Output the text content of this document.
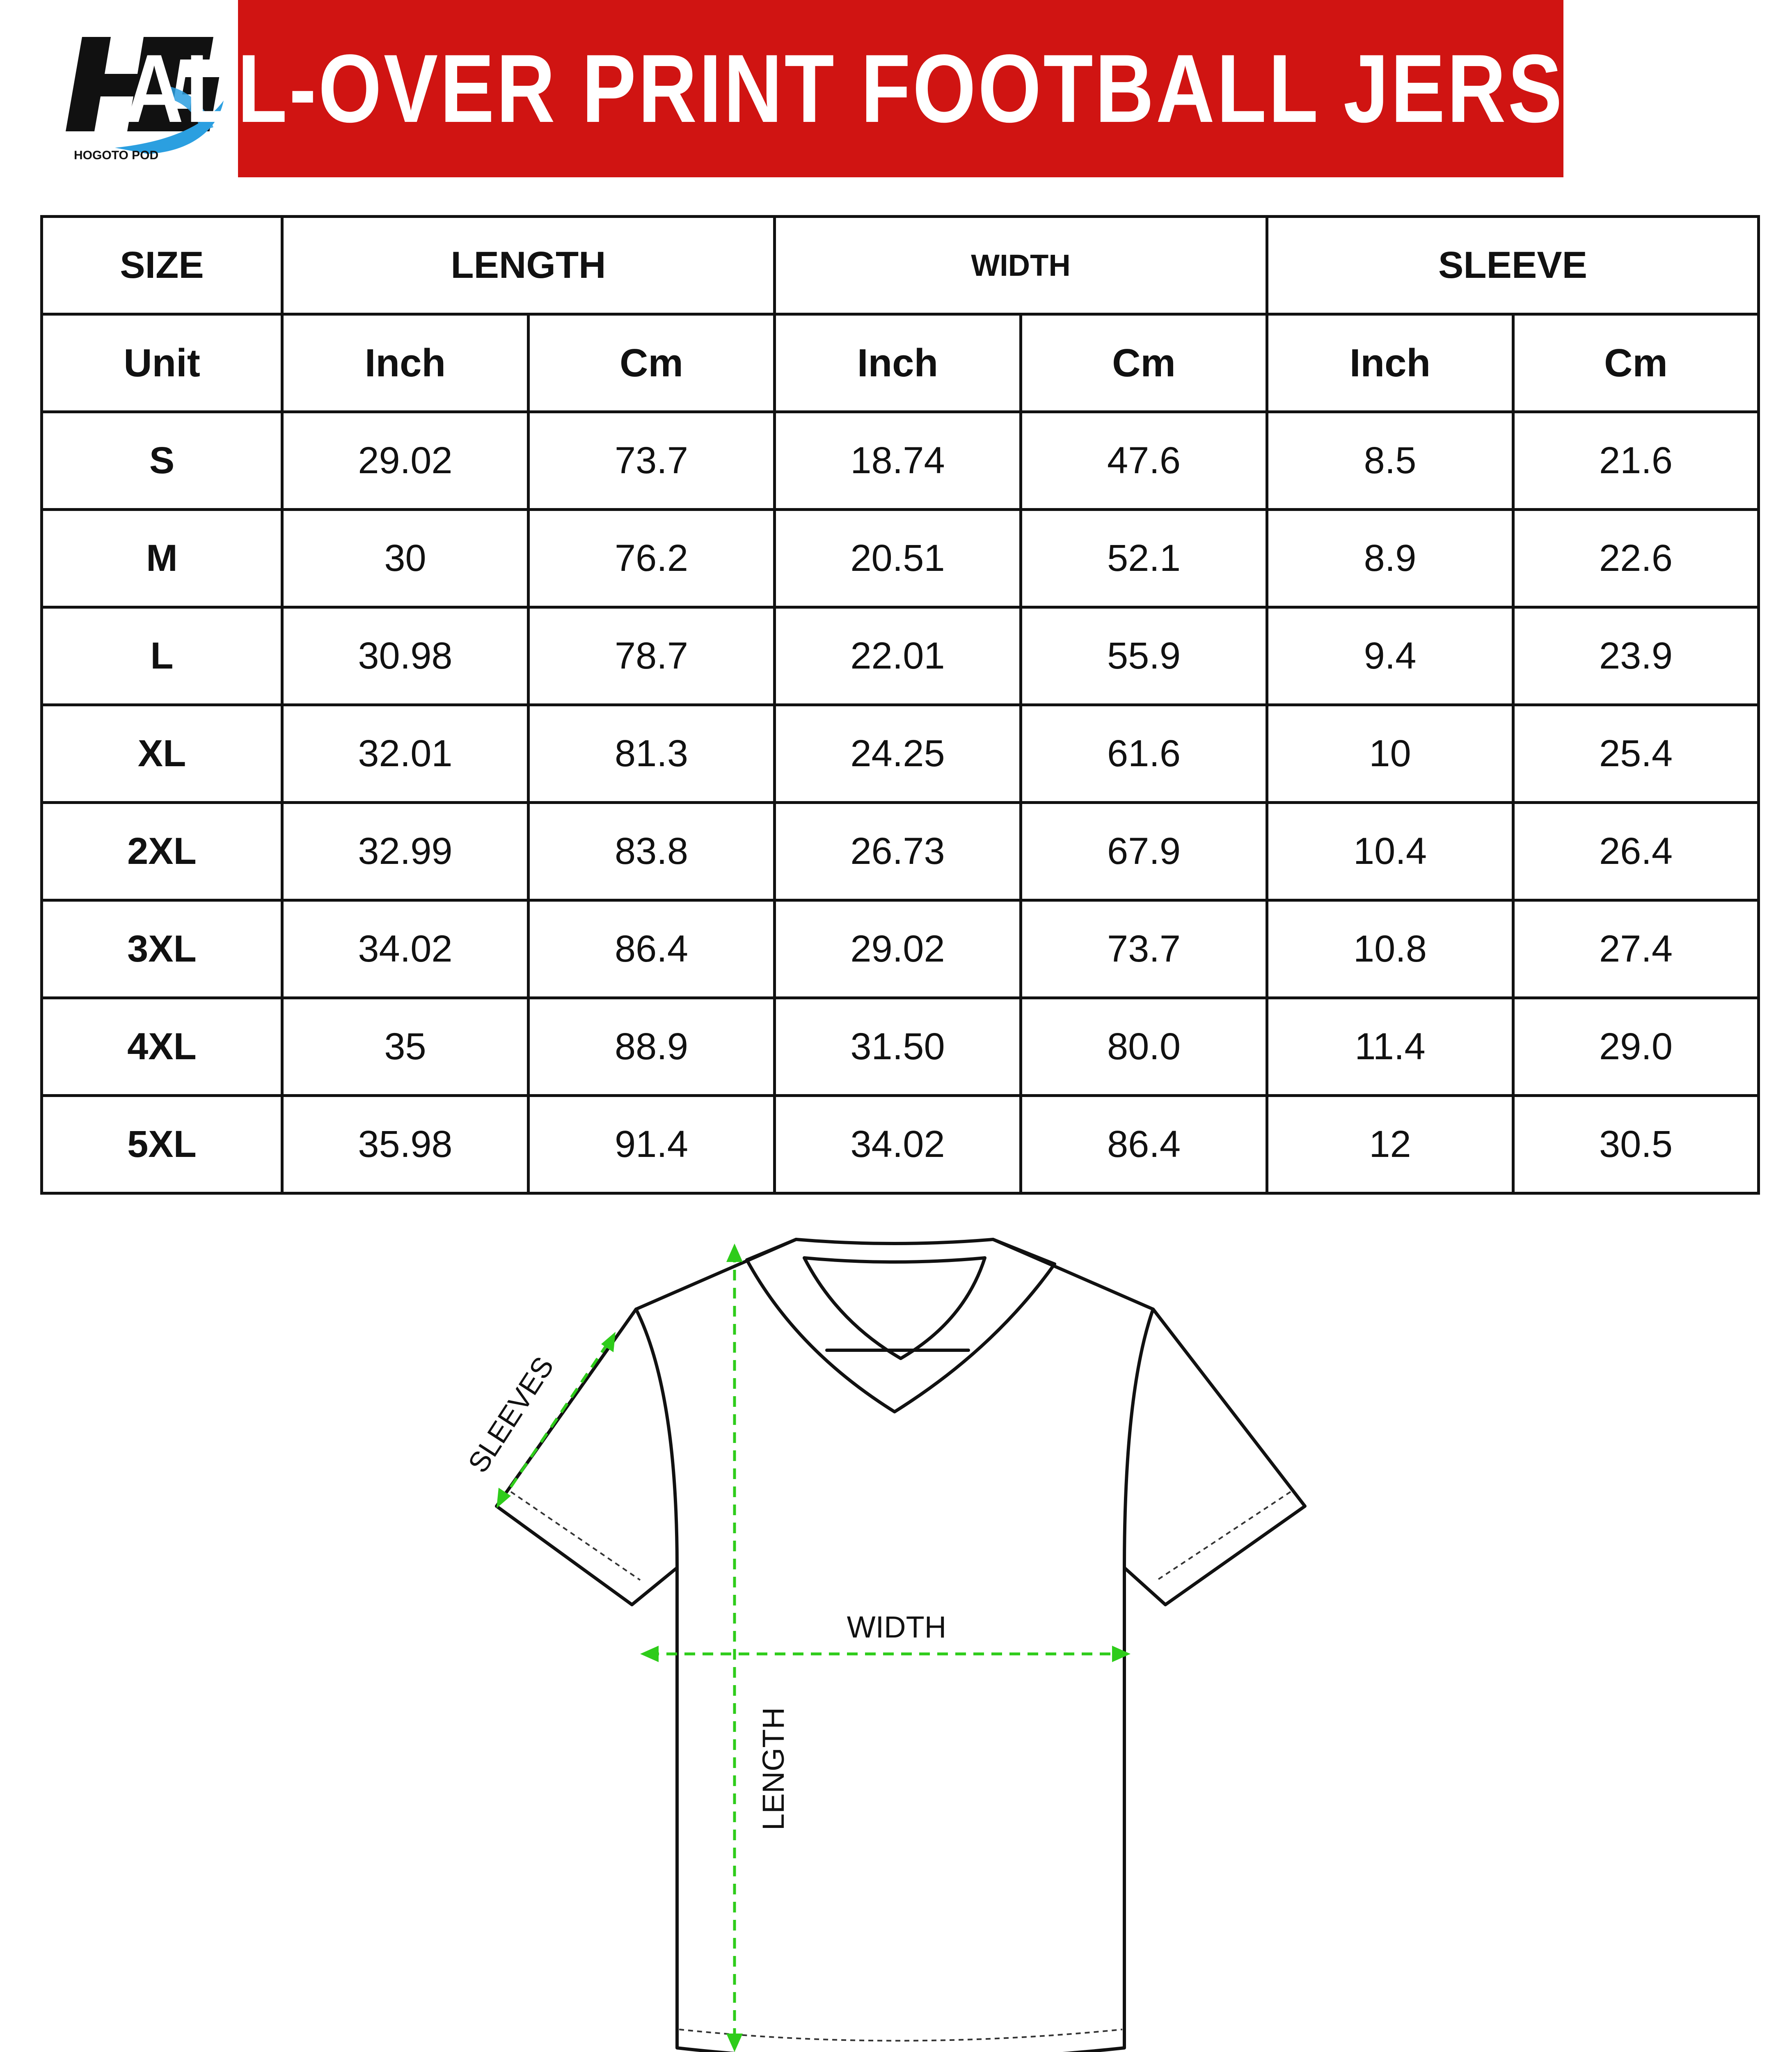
HOGOTO POD
ALL-OVER PRINT FOOTBALL JERSEY
SIZE	LENGTH		WIDTH		SLEEVE	
Unit	Inch	Cm	Inch	Cm	Inch	Cm
S	29.02	73.7	18.74	47.6	8.5	21.6
M	30	76.2	20.51	52.1	8.9	22.6
L	30.98	78.7	22.01	55.9	9.4	23.9
XL	32.01	81.3	24.25	61.6	10	25.4
2XL	32.99	83.8	26.73	67.9	10.4	26.4
3XL	34.02	86.4	29.02	73.7	10.8	27.4
4XL	35	88.9	31.50	80.0	11.4	29.0
5XL	35.98	91.4	34.02	86.4	12	30.5
WIDTH
LENGTH
SLEEVES
